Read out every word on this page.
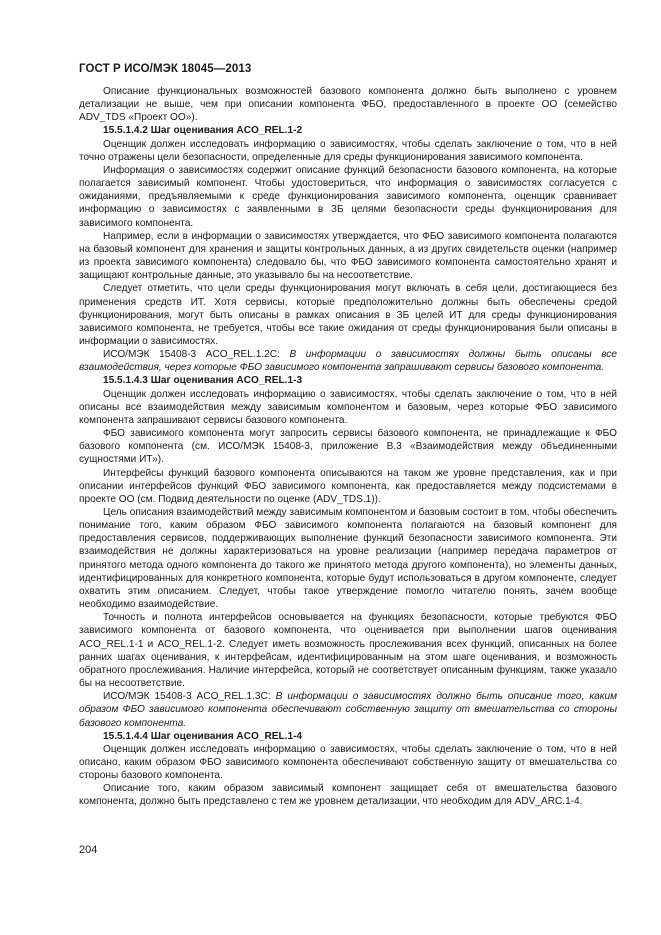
ГОСТ Р ИСО/МЭК 18045—2013

Описание функциональных возможностей базового компонента должно быть выполнено с уровнем детализации не выше, чем при описании компонента ФБО, предоставленного в проекте ОО (семейство ADV_TDS «Проект ОО»).

15.5.1.4.2 Шаг оценивания ACO_REL.1-2

Оценщик должен исследовать информацию о зависимостях, чтобы сделать заключение о том, что в ней точно отражены цели безопасности, определенные для среды функционирования зависимого компонента.

Информация о зависимостях содержит описание функций безопасности базового компонента, на которые полагается зависимый компонент. Чтобы удостовериться, что информация о зависимостях согласуется с ожиданиями, предъявляемыми к среде функционирования зависимого компонента, оценщик сравнивает информацию о зависимостях с заявленными в ЗБ целями безопасности среды функционирования для зависимого компонента.

Например, если в информации о зависимостях утверждается, что ФБО зависимого компонента полагаются на базовый компонент для хранения и защиты контрольных данных, а из других свидетельств оценки (например из проекта зависимого компонента) следовало бы, что ФБО зависимого компонента самостоятельно хранят и защищают контрольные данные, это указывало бы на несоответствие.

Следует отметить, что цели среды функционирования могут включать в себя цели, достигающиеся без применения средств ИТ. Хотя сервисы, которые предположительно должны быть обеспечены средой функционирования, могут быть описаны в рамках описания в ЗБ целей ИТ для среды функционирования зависимого компонента, не требуется, чтобы все такие ожидания от среды функционирования были описаны в информации о зависимостях.

ИСО/МЭК 15408-3 ACO_REL.1.2C: В информации о зависимостях должны быть описаны все взаимодействия, через которые ФБО зависимого компонента запрашивают сервисы базового компонента.

15.5.1.4.3 Шаг оценивания ACO_REL.1-3

Оценщик должен исследовать информацию о зависимостях, чтобы сделать заключение о том, что в ней описаны все взаимодействия между зависимым компонентом и базовым, через которые ФБО зависимого компонента запрашивают сервисы базового компонента.

ФБО зависимого компонента могут запросить сервисы базового компонента, не принадлежащие к ФБО базового компонента (см. ИСО/МЭК 15408-3, приложение B.3 «Взаимодействия между объединенными сущностями ИТ»).

Интерфейсы функций базового компонента описываются на таком же уровне представления, как и при описании интерфейсов функций ФБО зависимого компонента, как предоставляется между подсистемами в проекте ОО (см. Подвид деятельности по оценке (ADV_TDS.1)).

Цель описания взаимодействий между зависимым компонентом и базовым состоит в том, чтобы обеспечить понимание того, каким образом ФБО зависимого компонента полагаются на базовый компонент для предоставления сервисов, поддерживающих выполнение функций безопасности зависимого компонента. Эти взаимодействия не должны характеризоваться на уровне реализации (например передача параметров от принятого метода одного компонента до такого же принятого метода другого компонента), но элементы данных, идентифицированных для конкретного компонента, которые будут использоваться в другом компоненте, следует охватить этим описанием. Следует, чтобы такое утверждение помогло читателю понять, зачем вообще необходимо взаимодействие.

Точность и полнота интерфейсов основывается на функциях безопасности, которые требуются ФБО зависимого компонента от базового компонента, что оценивается при выполнении шагов оценивания ACO_REL.1-1 и ACO_REL.1-2. Следует иметь возможность прослеживания всех функций, описанных на более ранних шагах оценивания, к интерфейсам, идентифицированным на этом шаге оценивания, и возможность обратного прослеживания. Наличие интерфейса, который не соответствует описанным функциям, также указало бы на несоответствие.

ИСО/МЭК 15408-3 ACO_REL.1.3C: В информации о зависимостях должно быть описание того, каким образом ФБО зависимого компонента обеспечивают собственную защиту от вмешательства со стороны базового компонента.

15.5.1.4.4 Шаг оценивания ACO_REL.1-4

Оценщик должен исследовать информацию о зависимостях, чтобы сделать заключение о том, что в ней описано, каким образом ФБО зависимого компонента обеспечивают собственную защиту от вмешательства со стороны базового компонента.

Описание того, каким образом зависимый компонент защищает себя от вмешательства базового компонента, должно быть представлено с тем же уровнем детализации, что необходим для ADV_ARC.1-4.

204
